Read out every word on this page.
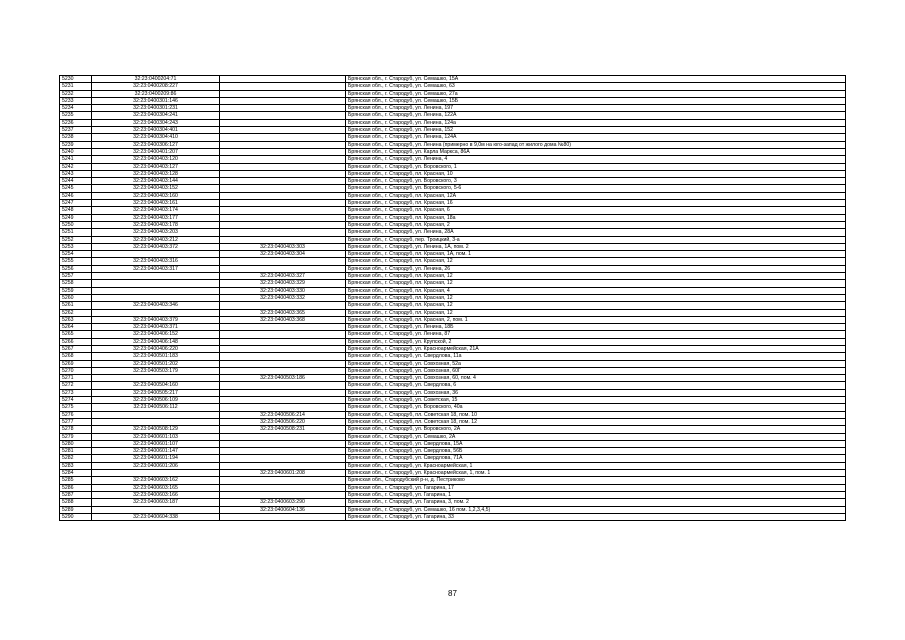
5230	32:23:0400204:71		Брянская обл., г. Стародуб, ул. Семашко, 15А
5231	32:23:0400208:227		Брянская обл., г. Стародуб, ул. Семашко, 63
5232	32:23:0400209:86		Брянская обл., г. Стародуб, ул. Семашко, 27а
5233	32:23:0400301:146		Брянская обл., г. Стародуб, ул. Семашко, 15Б
5234	32:23:0400301:231		Брянская обл., г. Стародуб, ул. Ленина, 197
5235	32:23:0400304:241		Брянская обл., г. Стародуб, ул. Ленина, 122А
5236	32:23:0400304:243		Брянская обл., г. Стародуб, ул. Ленина, 124а
5237	32:23:0400304:401		Брянская обл., г. Стародуб, ул. Ленина, 152
5238	32:23:0400304:410		Брянская обл., г. Стародуб, ул. Ленина, 124А
5239	32:23:0400306:127		Брянская обл., г. Стародуб, ул. Ленина (примерно в 9,0м на юго-запад от жилого дома №80)
5240	32:23:0400401:207		Брянская обл., г. Стародуб, ул. Карла Маркса, 86А
5241	32:23:0400403:120		Брянская обл., г. Стародуб, ул. Ленина, 4
5242	32:23:0400403:127		Брянская обл., г. Стародуб, ул. Воровского, 1
5243	32:23:0400403:128		Брянская обл., г. Стародуб, пл. Красная, 10
5244	32:23:0400403:144		Брянская обл., г. Стародуб, ул. Воровского, 3
5245	32:23:0400403:152		Брянская обл., г. Стародуб, ул. Воровского, 5-6
5246	32:23:0400403:160		Брянская обл., г. Стародуб, пл. Красная, 12А
5247	32:23:0400403:161		Брянская обл., г. Стародуб, пл. Красная, 16
5248	32:23:0400403:174		Брянская обл., г. Стародуб, пл. Красная, 6
5249	32:23:0400403:177		Брянская обл., г. Стародуб, пл. Красная, 18а
5250	32:23:0400403:178		Брянская обл., г. Стародуб, пл. Красная, 2
5251	32:23:0400403:203		Брянская обл., г. Стародуб, ул. Ленина, 28А
5252	32:23:0400403:212		Брянская обл., г. Стародуб, пер. Троицкий, 3-а
5253	32:23:0400403:372	32:23:0400403:303	Брянская обл., г. Стародуб, ул. Ленина, 1А, пом. 2
5254		32:23:0400403:304	Брянская обл., г. Стародуб, пл. Красная, 1А, пом. 1
5255	32:23:0400403:316		Брянская обл., г. Стародуб, пл. Красная, 12
5256	32:23:0400403:317		Брянская обл., г. Стародуб, ул. Ленина, 26
5257		32:23:0400403:327	Брянская обл., г. Стародуб, пл. Красная, 12
5258		32:23:0400403:329	Брянская обл., г. Стародуб, пл. Красная, 12
5259		32:23:0400403:330	Брянская обл., г. Стародуб, пл. Красная, 4
5260		32:23:0400403:332	Брянская обл., г. Стародуб, пл. Красная, 12
5261	32:23:0400403:346		Брянская обл., г. Стародуб, пл. Красная, 12
5262		32:23:0400403:365	Брянская обл., г. Стародуб, пл. Красная, 12
5263	32:23:0400403:379	32:23:0400403:368	Брянская обл., г. Стародуб, пл. Красная, 2, пом. 1
5264	32:23:0400403:371		Брянская обл., г. Стародуб, ул. Ленина, 18Б
5265	32:23:0400406:152		Брянская обл., г. Стародуб, ул. Ленина, 87
5266	32:23:0400406:148		Брянская обл., г. Стародуб, ул. Крупской, 2
5267	32:23:0400406:220		Брянская обл., г. Стародуб, ул. Красноармейская, 21А
5268	32:23:0400501:183		Брянская обл., г. Стародуб, ул. Свердлова, 11а
5269	32:23:0400501:202		Брянская обл., г. Стародуб, ул. Совхозная, 52а
5270	32:23:0400503:179		Брянская обл., г. Стародуб, ул. Совхозная, 60Г
5271		32:23:0400503:186	Брянская обл., г. Стародуб, ул. Совхозная, 60, пом. 4
5272	32:23:0400504:160		Брянская обл., г. Стародуб, ул. Свердлова, 6
5273	32:23:0400505:217		Брянская обл., г. Стародуб, ул. Совхозная, 36
5274	32:23:0400506:109		Брянская обл., г. Стародуб, ул. Советская, 15
5275	32:23:0400506:112		Брянская обл., г. Стародуб, ул. Воровского, 40а
5276		32:23:0400506:214	Брянская обл., г. Стародуб, пл. Советская 18, пом. 10
5277		32:23:0400506:220	Брянская обл., г. Стародуб, пл. Советская 18, пом. 12
5278	32:23:0400508:129	32:23:0400508:231	Брянская обл., г. Стародуб, ул. Воровского, 2А
5279	32:23:0400601:103		Брянская обл., г. Стародуб, ул. Семашко, 2А
5280	32:23:0400601:107		Брянская обл., г. Стародуб, ул. Свердлова, 15А
5281	32:23:0400601:147		Брянская обл., г. Стародуб, ул. Свердлова, 56Б
5282	32:23:0400601:194		Брянская обл., г. Стародуб, ул. Свердлова, 71А
5283	32:23:0400601:206		Брянская обл., г. Стародуб, ул. Красноармейская, 1
5284		32:23:0400601:208	Брянская обл., г. Стародуб, ул. Красноармейская, 1, пом. 1
5285	32:23:0400603:162		Брянская обл., Стародубский р-н, д. Пестриково
5286	32:23:0400603:165		Брянская обл., г. Стародуб, ул. Гагарина, 17
5287	32:23:0400603:166		Брянская обл., г. Стародуб, ул. Гагарина, 1
5288	32:23:0400603:187	32:23:0400603:290	Брянская обл., г. Стародуб, ул. Гагарина, 3, пом. 2
5289		32:23:0400604:136	Брянская обл., г. Стародуб, ул. Семашко, 16 пом. 1,2,3,4,5)
5290	32:23:0400604:338		Брянская обл., г. Стародуб, ул. Гагарина, 33
87
